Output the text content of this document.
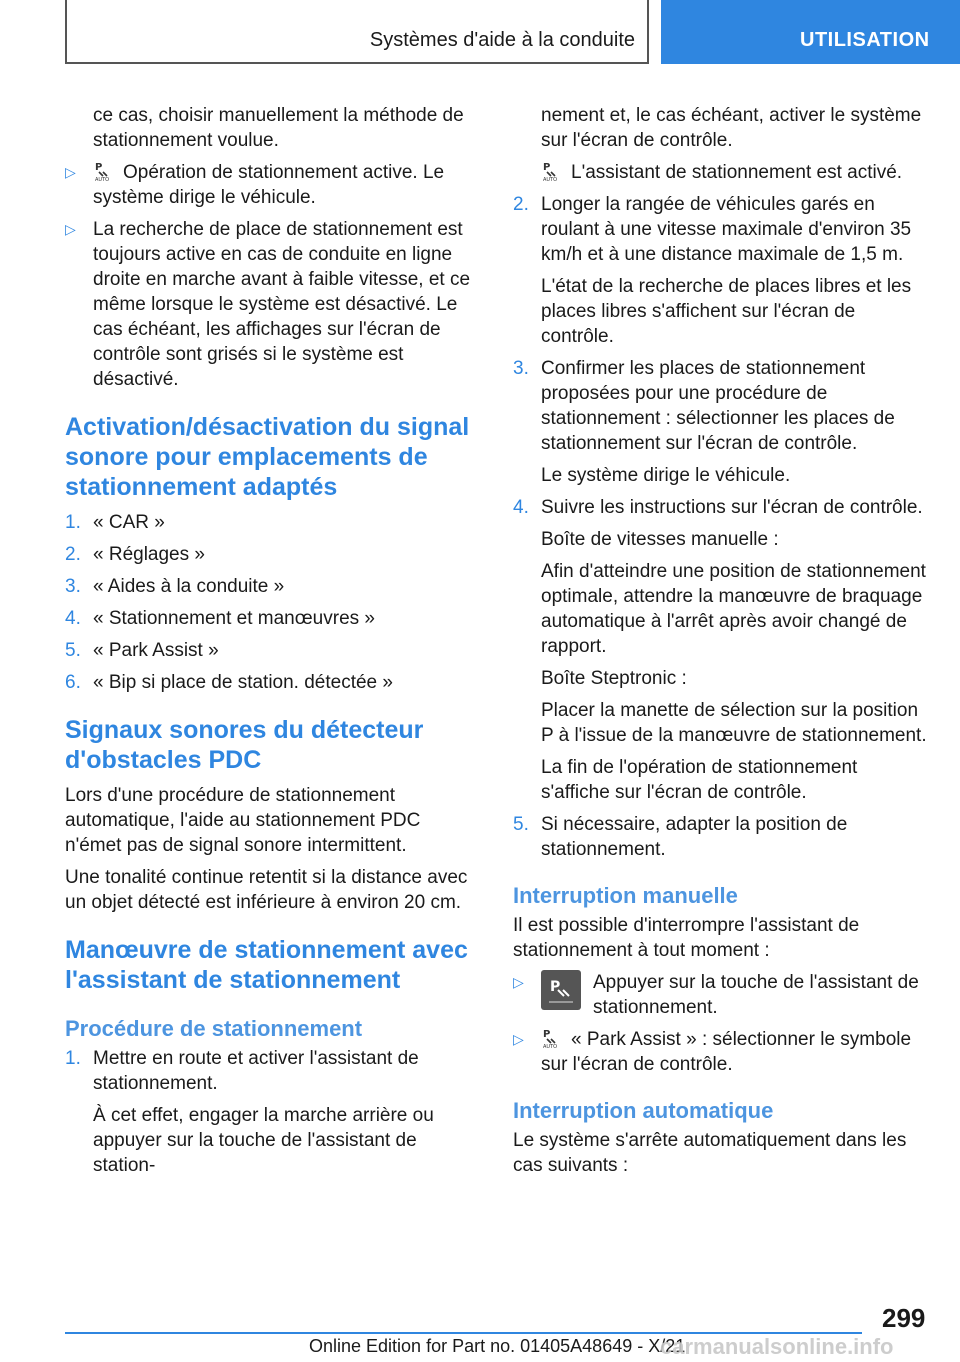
Systèmes d'aide à la conduite	UTILISATION

ce cas, choisir manuellement la méthode de stationnement voulue.

▷	P
AUTO Opération de stationnement active. Le système dirige le véhicule.

▷ La recherche de place de stationnement est toujours active en cas de conduite en ligne droite en marche avant à faible vitesse, et ce même lorsque le système est désactivé. Le cas échéant, les affichages sur l'écran de contrôle sont grisés si le système est désactivé.

Activation/désactivation du signal sonore pour emplacements de stationnement adaptés
1. « CAR »

2. « Réglages »

3. « Aides à la conduite »

4. « Stationnement et manœuvres »

5. « Park Assist »

6. « Bip si place de station. détectée »

Signaux sonores du détecteur d'obstacles PDC

Lors d'une procédure de stationnement automatique, l'aide au stationnement PDC n'émet pas de signal sonore intermittent.

Une tonalité continue retentit si la distance avec un objet détecté est inférieure à environ 20 cm.

Manœuvre de stationnement avec l'assistant de stationnement
Procédure de stationnement
1. Mettre en route et activer l'assistant de stationnement.

À cet effet, engager la marche arrière ou appuyer sur la touche de l'assistant de station-

nement et, le cas échéant, activer le système sur l'écran de contrôle.

P
AUTO L'assistant de stationnement est activé.

2. Longer la rangée de véhicules garés en roulant à une vitesse maximale d'environ 35 km/h et à une distance maximale de 1,5 m.

L'état de la recherche de places libres et les places libres s'affichent sur l'écran de contrôle.

3. Confirmer les places de stationnement proposées pour une procédure de stationnement : sélectionner les places de stationnement sur l'écran de contrôle.

Le système dirige le véhicule.

4. Suivre les instructions sur l'écran de contrôle.

Boîte de vitesses manuelle :

Afin d'atteindre une position de stationnement optimale, attendre la manœuvre de braquage automatique à l'arrêt après avoir changé de rapport.

Boîte Steptronic :

Placer la manette de sélection sur la position P à l'issue de la manœuvre de stationnement.

La fin de l'opération de stationnement s'affiche sur l'écran de contrôle.

5. Si nécessaire, adapter la position de stationnement.

Interruption manuelle

Il est possible d'interrompre l'assistant de stationnement à tout moment :

▷	P Appuyer sur la touche de l'assistant de stationnement.

▷	P
AUTO « Park Assist » : sélectionner le symbole sur l'écran de contrôle.

Interruption automatique

Le système s'arrête automatiquement dans les cas suivants :

299
Online Edition for Part no. 01405A48649 - X/21
carmanualsonline.info
